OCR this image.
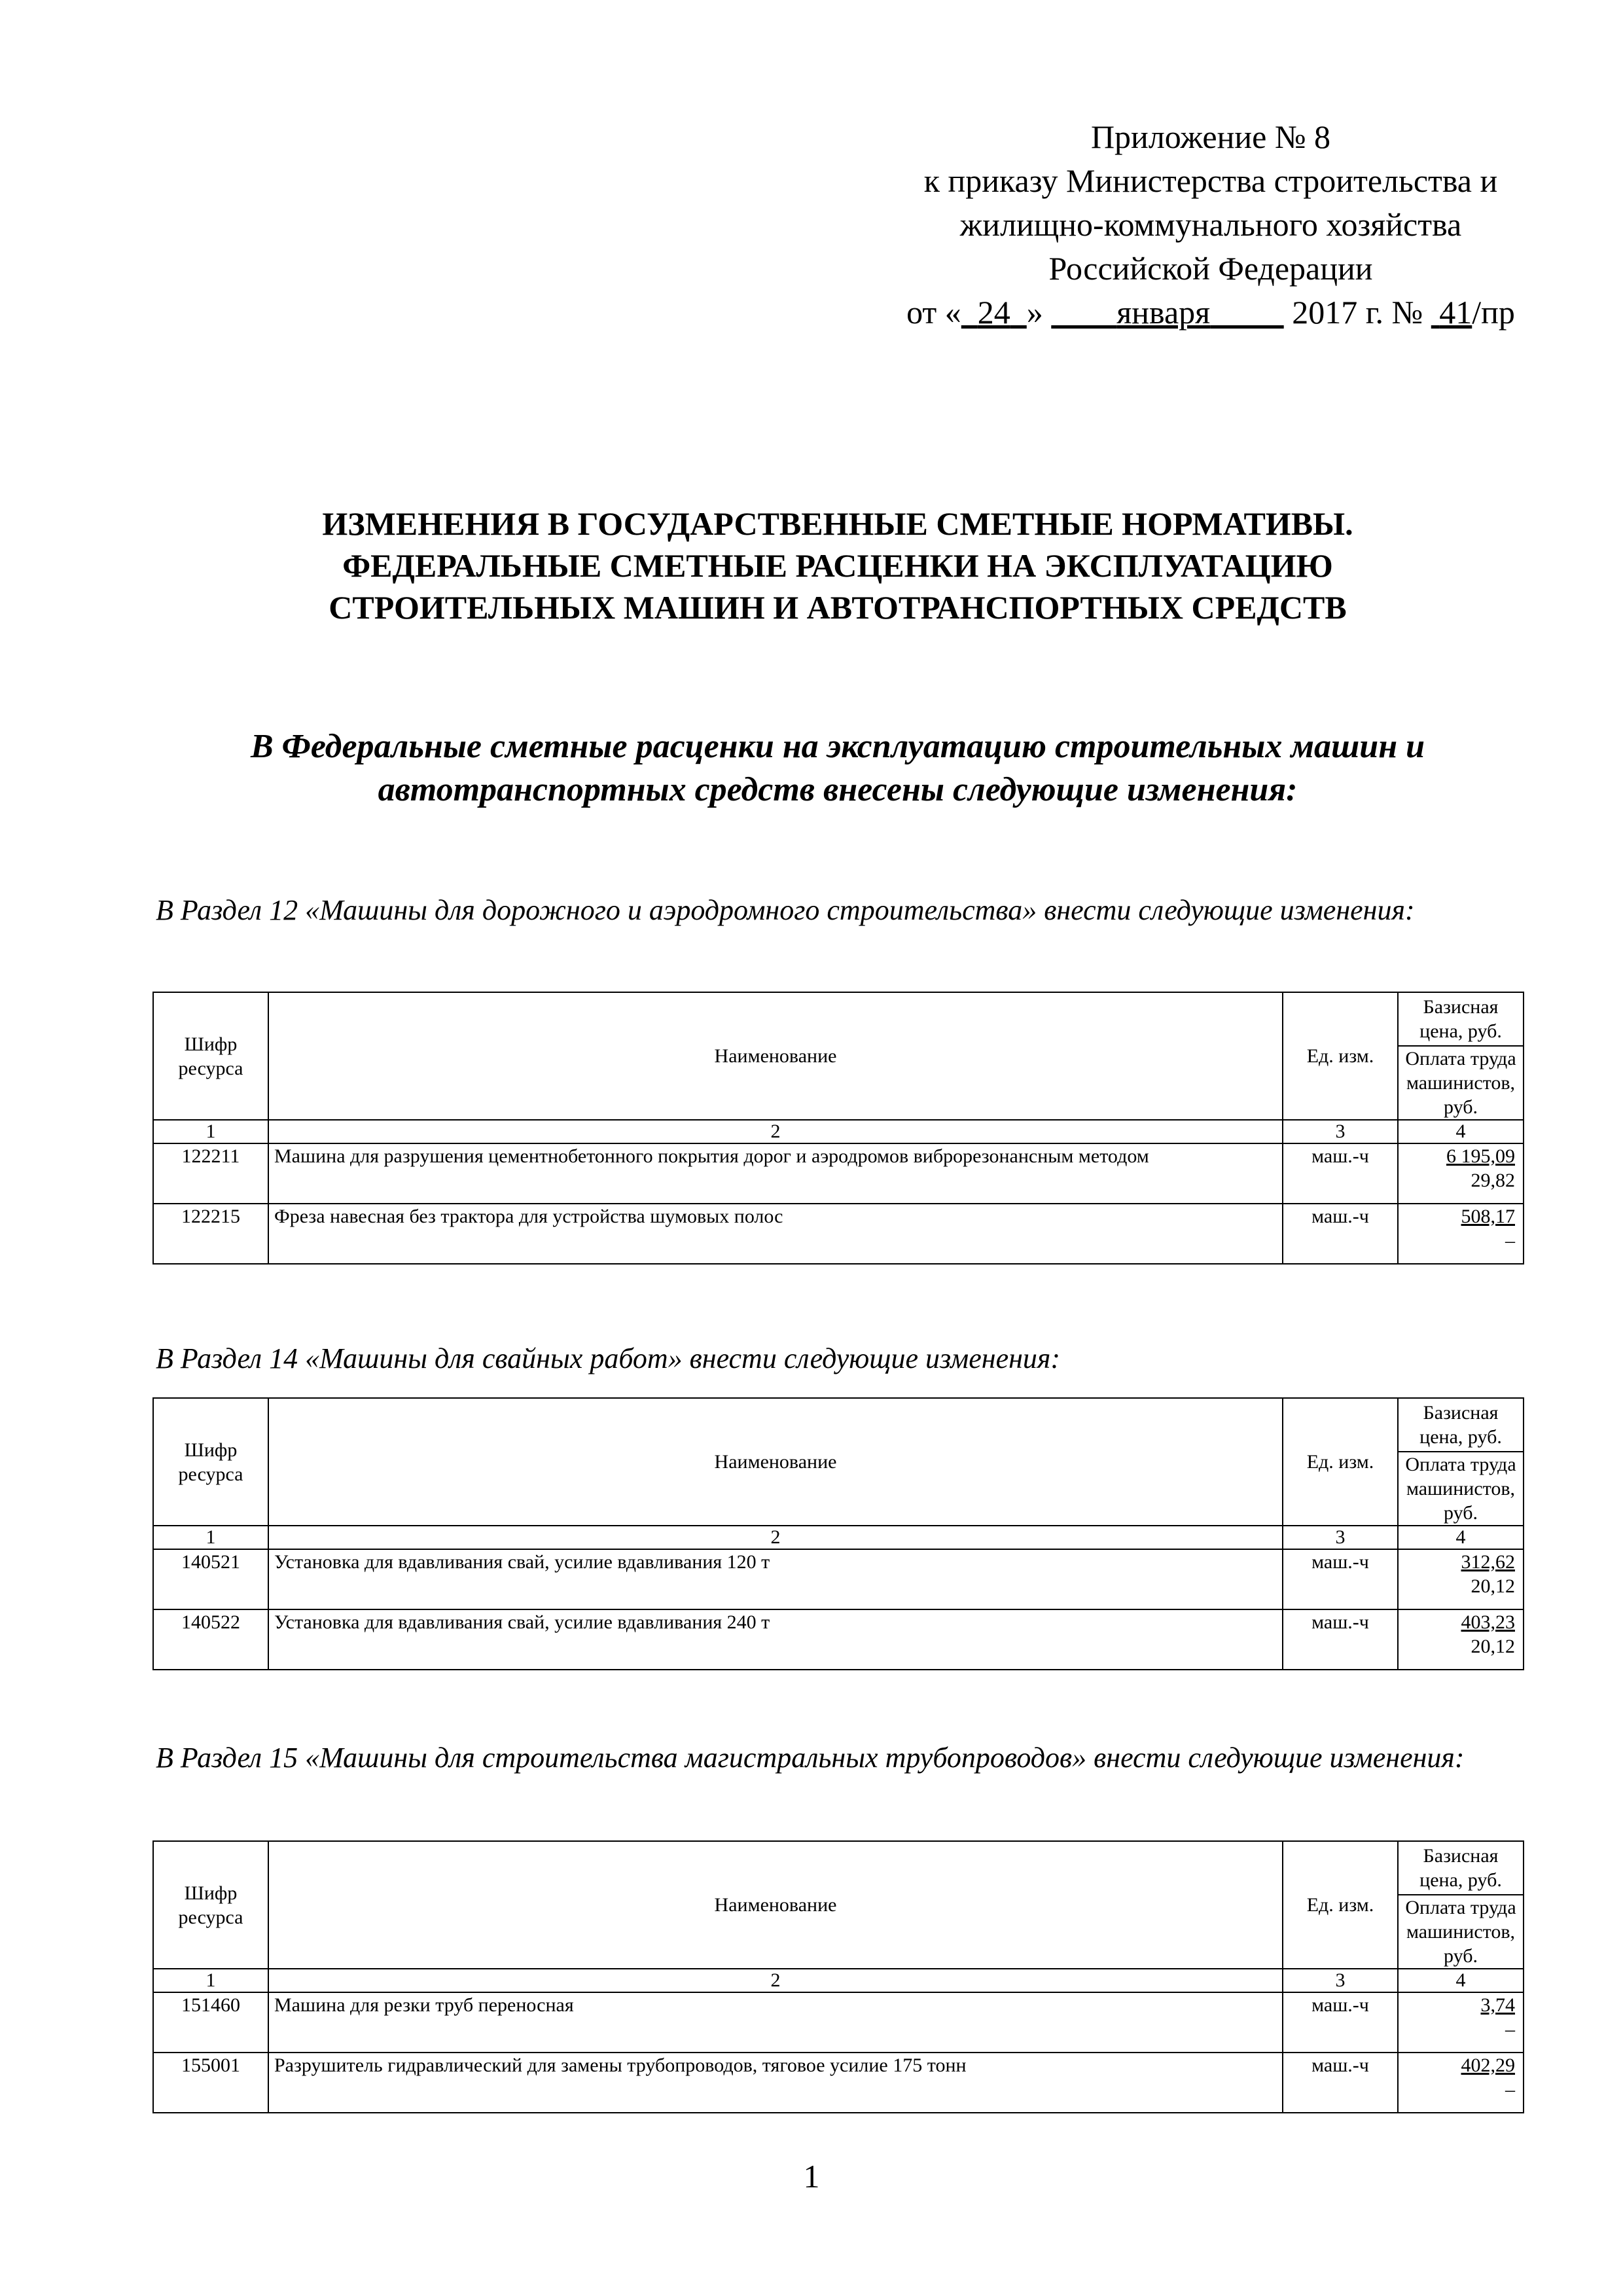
Приложение № 8
к приказу Министерства строительства и
жилищно-коммунального хозяйства
Российской Федерации
от « 24 » января	2017 г. № 41/пр
ИЗМЕНЕНИЯ В ГОСУДАРСТВЕННЫЕ СМЕТНЫЕ НОРМАТИВЫ.
ФЕДЕРАЛЬНЫЕ СМЕТНЫЕ РАСЦЕНКИ НА ЭКСПЛУАТАЦИЮ
СТРОИТЕЛЬНЫХ МАШИН И АВТОТРАНСПОРТНЫХ СРЕДСТВ
В Федеральные сметные расценки на эксплуатацию строительных машин и автотранспортных средств внесены следующие изменения:
В Раздел 12 «Машины для дорожного и аэродромного строительства» внести следующие изменения:
Шифр ресурса	Наименование	Ед. изм.	Базисная цена, руб.
			Оплата труда машинистов, руб.
1	2	3	4
122211	Машина для разрушения цементнобетонного покрытия дорог и аэродромов виброрезонансным методом	маш.-ч	6 195,09
29,82

122215	Фреза навесная без трактора для устройства шумовых полос	маш.-ч	508,17
–
В Раздел 14 «Машины для свайных работ» внести следующие изменения:
Шифр ресурса	Наименование	Ед. изм.	Базисная цена, руб.
			Оплата труда машинистов, руб.
1	2	3	4
140521	Установка для вдавливания свай, усилие вдавливания 120 т	маш.-ч	312,62
20,12

140522	Установка для вдавливания свай, усилие вдавливания 240 т	маш.-ч	403,23
20,12
В Раздел 15 «Машины для строительства магистральных трубопроводов» внести следующие изменения:
Шифр ресурса	Наименование	Ед. изм.	Базисная цена, руб.
			Оплата труда машинистов, руб.
1	2	3	4
151460	Машина для резки труб переносная	маш.-ч	3,74
–

155001	Разрушитель гидравлический для замены трубопроводов, тяговое усилие 175 тонн	маш.-ч	402,29
–
1
